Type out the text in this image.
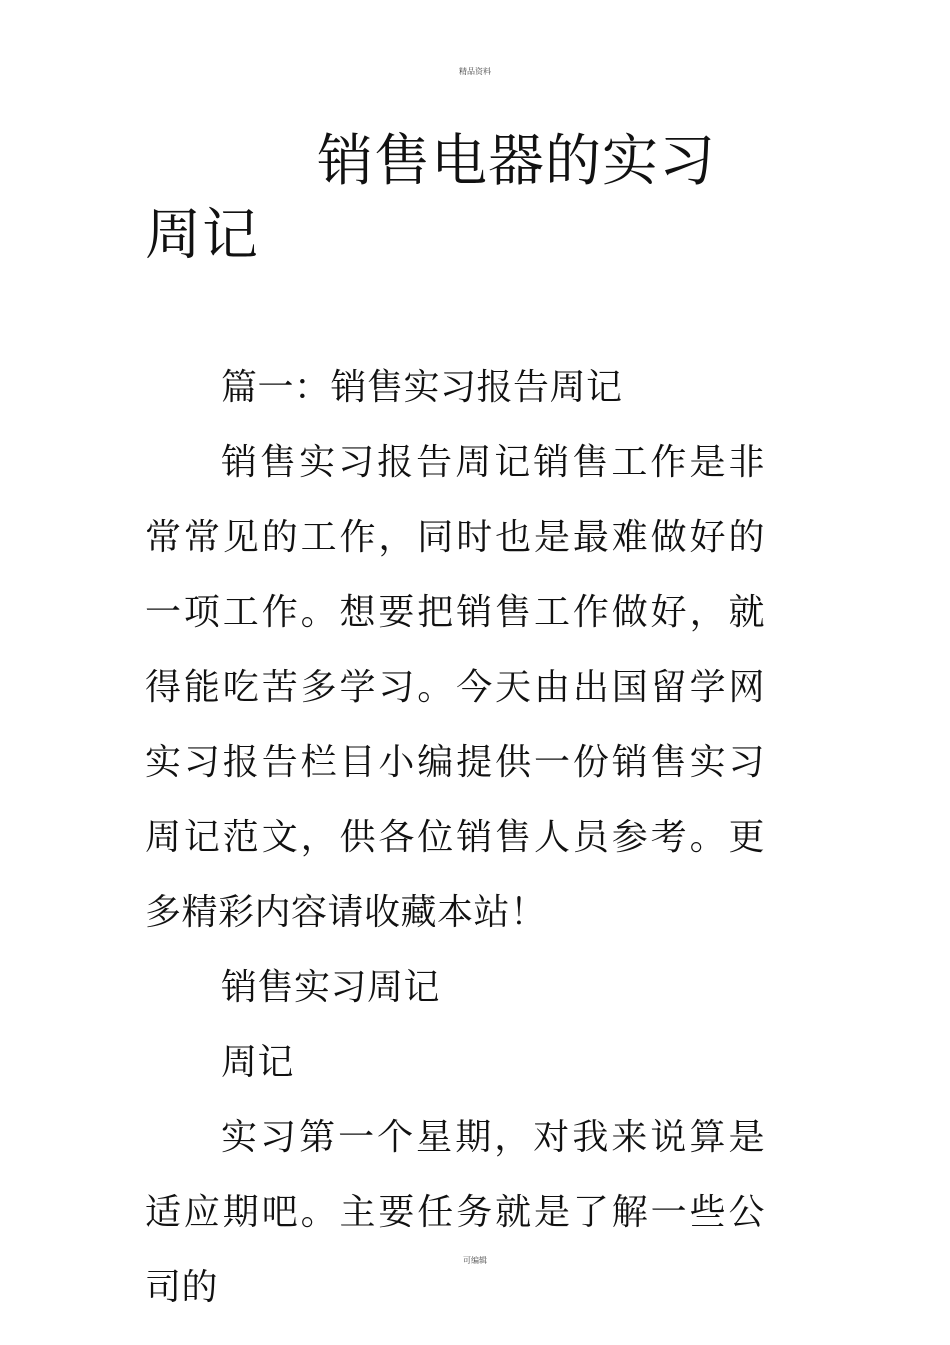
精品资料
销售电器的实习周记

篇一：销售实习报告周记

销售实习报告周记销售工作是非常常见的工作，同时也是最难做好的一项工作。想要把销售工作做好，就得能吃苦多学习。今天由出国留学网实习报告栏目小编提供一份销售实习周记范文，供各位销售人员参考。更多精彩内容请收藏本站！

销售实习周记

周记

实习第一个星期，对我来说算是适应期吧。主要任务就是了解一些公司的

可编辑
